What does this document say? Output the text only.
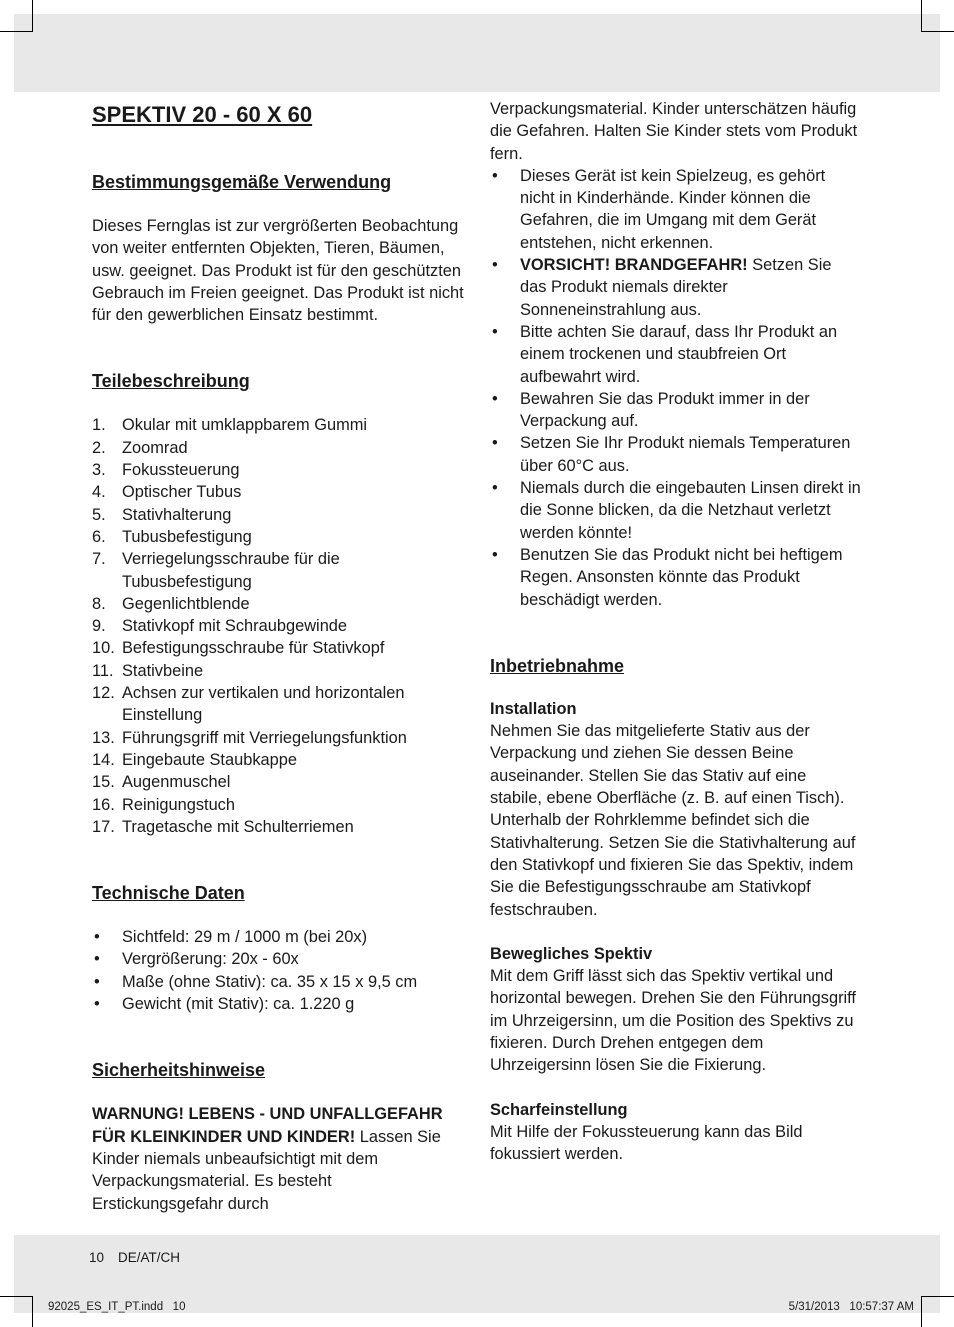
SPEKTIV 20 - 60 X 60
Bestimmungsgemäße Verwendung

Dieses Fernglas ist zur vergrößerten Beobachtung von weiter entfernten Objekten, Tieren, Bäumen, usw. geeignet. Das Produkt ist für den geschützten Gebrauch im Freien geeignet. Das Produkt ist nicht für den gewerblichen Einsatz bestimmt.

Teilebeschreibung
1. Okular mit umklappbarem Gummi
2. Zoomrad
3. Fokussteuerung
4. Optischer Tubus
5. Stativhalterung
6. Tubusbefestigung
7. Verriegelungsschraube für die Tubusbefestigung
8. Gegenlichtblende
9. Stativkopf mit Schraubgewinde
10. Befestigungsschraube für Stativkopf
11. Stativbeine
12. Achsen zur vertikalen und horizontalen Einstellung
13. Führungsgriff mit Verriegelungsfunktion
14. Eingebaute Staubkappe
15. Augenmuschel
16. Reinigungstuch
17. Tragetasche mit Schulterriemen
Technische Daten
• Sichtfeld: 29 m / 1000 m (bei 20x)
• Vergrößerung: 20x - 60x
• Maße (ohne Stativ): ca. 35 x 15 x 9,5 cm
• Gewicht (mit Stativ): ca. 1.220 g
Sicherheitshinweise

WARNUNG! LEBENS - UND UNFALLGEFAHR FÜR KLEINKINDER UND KINDER! Lassen Sie Kinder niemals unbeaufsichtigt mit dem Verpackungsmaterial. Es besteht Erstickungsgefahr durch

Verpackungsmaterial. Kinder unterschätzen häufig die Gefahren. Halten Sie Kinder stets vom Produkt fern.

• Dieses Gerät ist kein Spielzeug, es gehört nicht in Kinderhände. Kinder können die Gefahren, die im Umgang mit dem Gerät entstehen, nicht erkennen.
• VORSICHT! BRANDGEFAHR! Setzen Sie das Produkt niemals direkter Sonneneinstrahlung aus.
• Bitte achten Sie darauf, dass Ihr Produkt an einem trockenen und staubfreien Ort aufbewahrt wird.
• Bewahren Sie das Produkt immer in der Verpackung auf.
• Setzen Sie Ihr Produkt niemals Temperaturen über 60°C aus.
• Niemals durch die eingebauten Linsen direkt in die Sonne blicken, da die Netzhaut verletzt werden könnte!
• Benutzen Sie das Produkt nicht bei heftigem Regen. Ansonsten könnte das Produkt beschädigt werden.
Inbetriebnahme

Installation

Nehmen Sie das mitgelieferte Stativ aus der Verpackung und ziehen Sie dessen Beine auseinander. Stellen Sie das Stativ auf eine stabile, ebene Oberfläche (z. B. auf einen Tisch). Unterhalb der Rohrklemme befindet sich die Stativhalterung. Setzen Sie die Stativhalterung auf den Stativkopf und fixieren Sie das Spektiv, indem Sie die Befestigungsschraube am Stativkopf festschrauben.

Bewegliches Spektiv

Mit dem Griff lässt sich das Spektiv vertikal und horizontal bewegen. Drehen Sie den Führungsgriff im Uhrzeigersinn, um die Position des Spektivs zu fixieren. Durch Drehen entgegen dem Uhrzeigersinn lösen Sie die Fixierung.

Scharfeinstellung

Mit Hilfe der Fokussteuerung kann das Bild fokussiert werden.

10 DE/AT/CH
92025_ES_IT_PT.indd   10	5/31/2013   10:57:37 AM
